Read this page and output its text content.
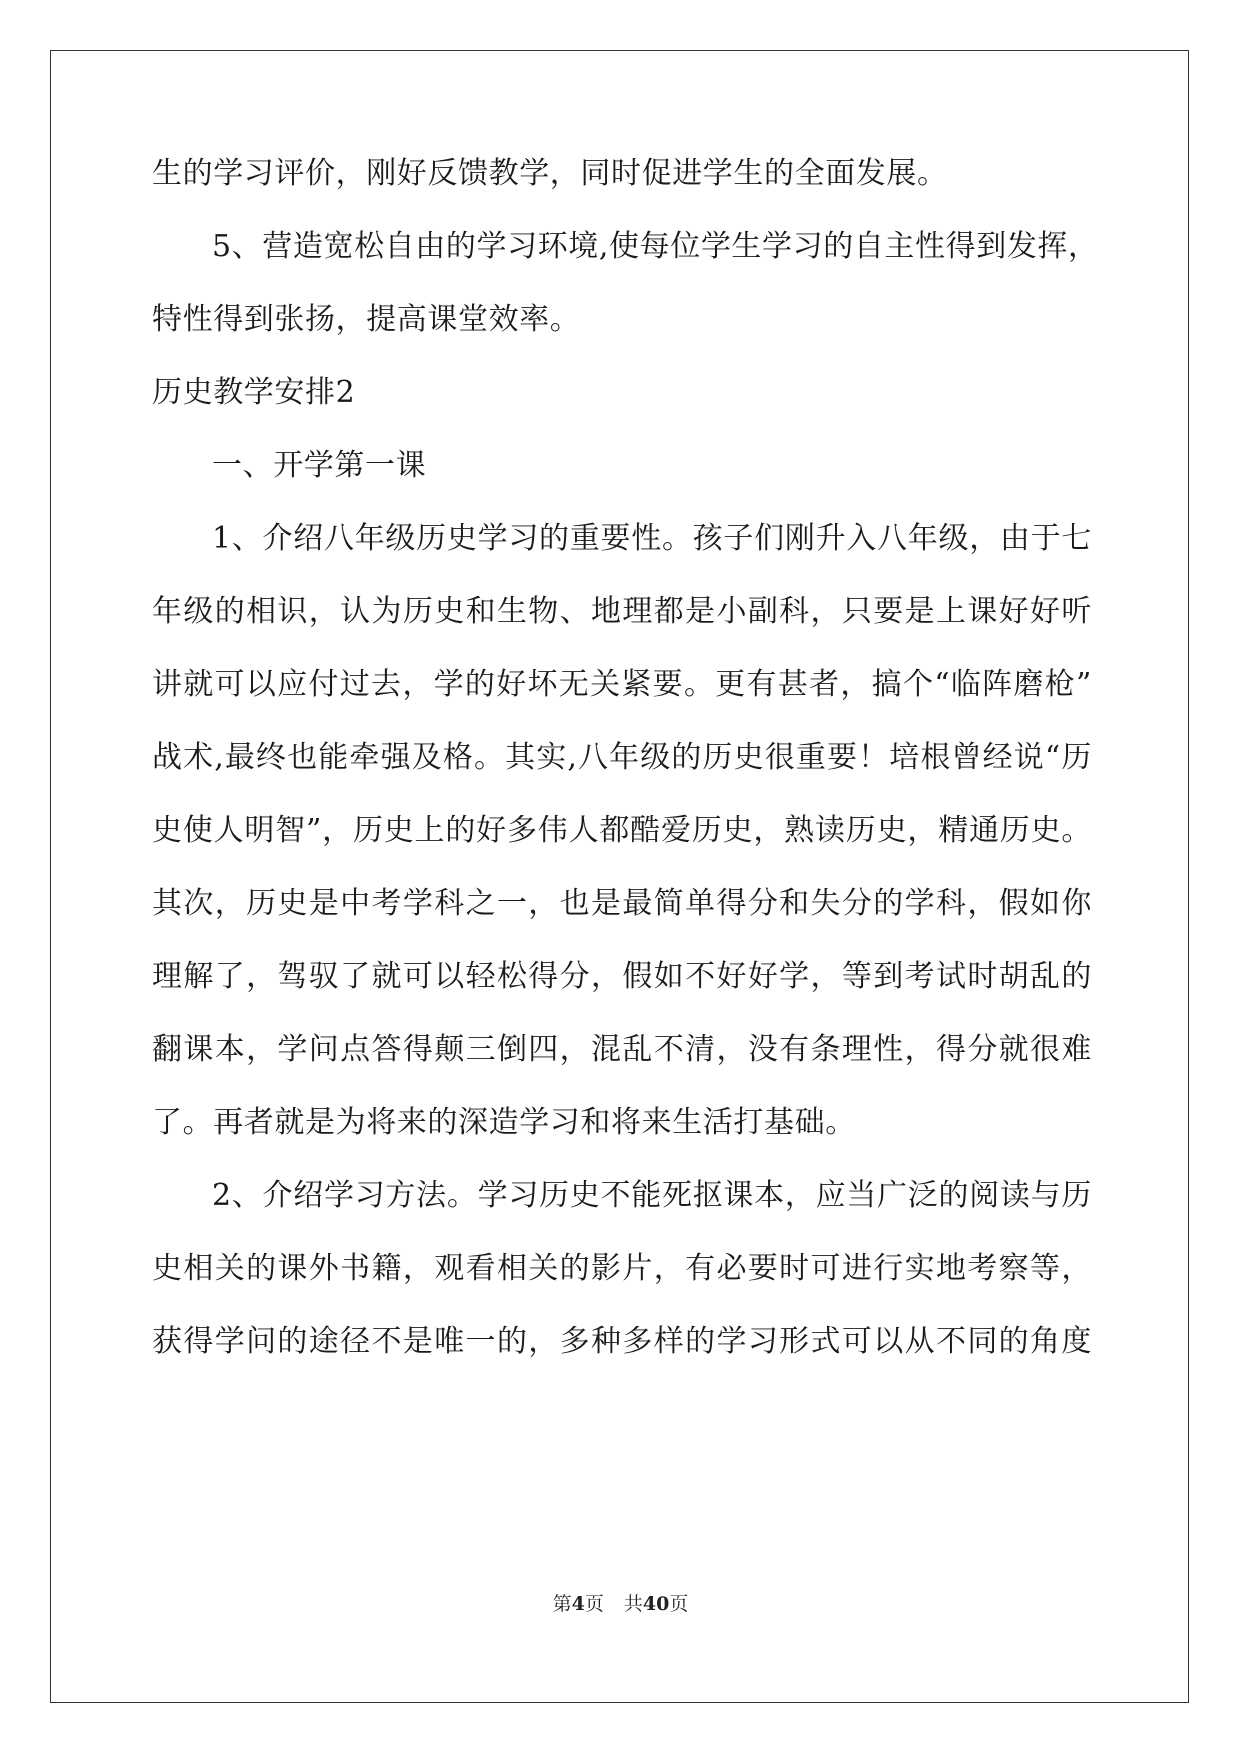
生的学习评价，刚好反馈教学，同时促进学生的全面发展。
5、营造宽松自由的学习环境,使每位学生学习的自主性得到发挥，
特性得到张扬，提高课堂效率。
历史教学安排2
一、开学第一课
1、介绍八年级历史学习的重要性。孩子们刚升入八年级，由于七
年级的相识，认为历史和生物、地理都是小副科，只要是上课好好听
讲就可以应付过去，学的好坏无关紧要。更有甚者，搞个“临阵磨枪”
战术,最终也能牵强及格。其实,八年级的历史很重要！培根曾经说“历
史使人明智”，历史上的好多伟人都酷爱历史，熟读历史，精通历史。
其次，历史是中考学科之一，也是最简单得分和失分的学科，假如你
理解了，驾驭了就可以轻松得分，假如不好好学，等到考试时胡乱的
翻课本，学问点答得颠三倒四，混乱不清，没有条理性，得分就很难
了。再者就是为将来的深造学习和将来生活打基础。
2、介绍学习方法。学习历史不能死抠课本，应当广泛的阅读与历
史相关的课外书籍，观看相关的影片，有必要时可进行实地考察等，
获得学问的途径不是唯一的，多种多样的学习形式可以从不同的角度
第4页 共40页
